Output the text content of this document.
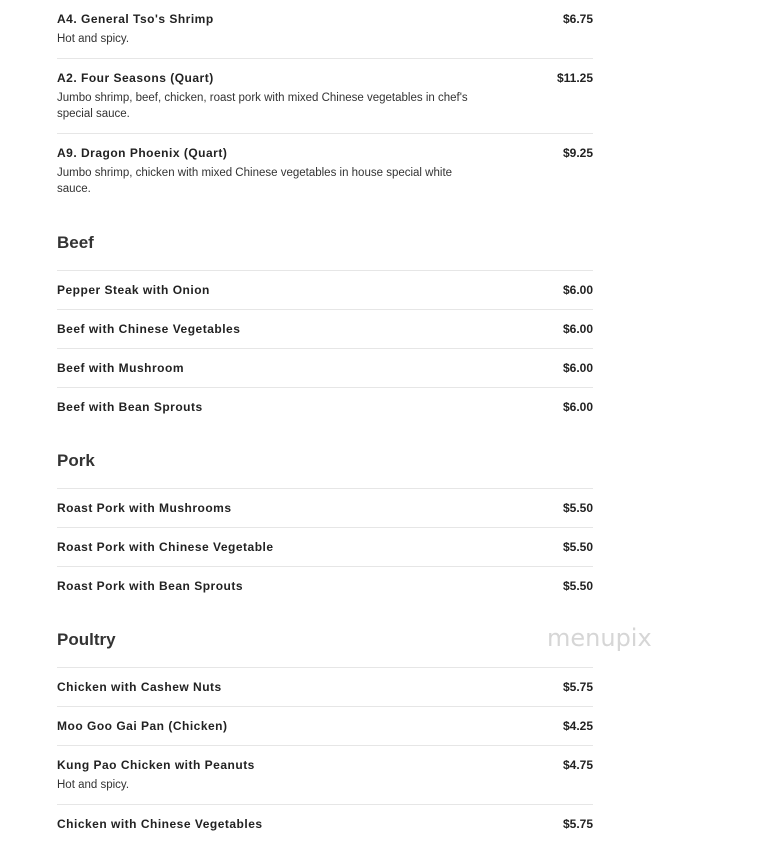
A4. General Tso's Shrimp	$6.75
Hot and spicy.
A2. Four Seasons (Quart)	$11.25
Jumbo shrimp, beef, chicken, roast pork with mixed Chinese vegetables in chef's special sauce.
A9. Dragon Phoenix (Quart)	$9.25
Jumbo shrimp, chicken with mixed Chinese vegetables in house special white sauce.
Beef
Pepper Steak with Onion	$6.00
Beef with Chinese Vegetables	$6.00
Beef with Mushroom	$6.00
Beef with Bean Sprouts	$6.00
Pork
Roast Pork with Mushrooms	$5.50
Roast Pork with Chinese Vegetable	$5.50
Roast Pork with Bean Sprouts	$5.50
Poultry
Chicken with Cashew Nuts	$5.75
Moo Goo Gai Pan (Chicken)	$4.25
Kung Pao Chicken with Peanuts	$4.75
Hot and spicy.
Chicken with Chinese Vegetables	$5.75
menupix
